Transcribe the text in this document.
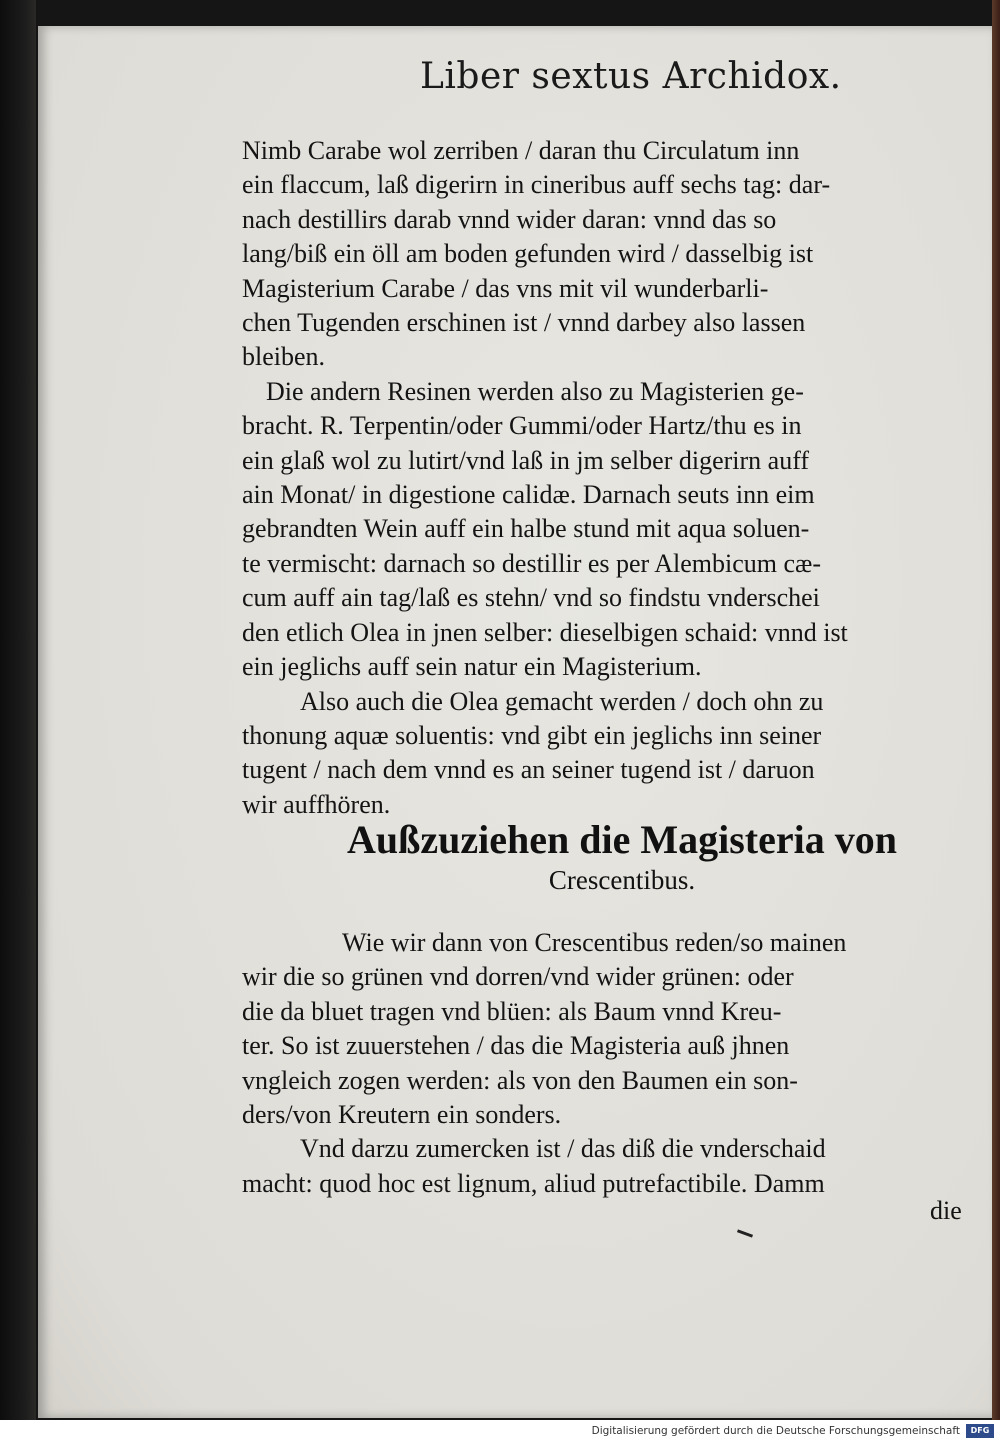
Liber sextus Archidox.

Nimb Carabe wol zerriben / daran thu Circulatum inn
ein flaccum, laß digerirn in cineribus auff sechs tag: dar-
nach destillirs darab vnnd wider daran: vnnd das so
lang/biß ein öll am boden gefunden wird / dasselbig ist
Magisterium Carabe / das vns mit vil wunderbarli-
chen Tugenden erschinen ist / vnnd darbey also lassen
bleiben.

Die andern Resinen werden also zu Magisterien ge-
bracht. R. Terpentin/oder Gummi/oder Hartz/thu es in
ein glaß wol zu lutirt/vnd laß in jm selber digerirn auff
ain Monat/ in digestione calidæ. Darnach seuts inn eim
gebrandten Wein auff ein halbe stund mit aqua soluen-
te vermischt: darnach so destillir es per Alembicum cæ-
cum auff ain tag/laß es stehn/ vnd so findstu vnderschei
den etlich Olea in jnen selber: dieselbigen schaid: vnnd ist
ein jeglichs auff sein natur ein Magisterium.

Also auch die Olea gemacht werden / doch ohn zu
thonung aquæ soluentis: vnd gibt ein jeglichs inn seiner
tugent / nach dem vnnd es an seiner tugend ist / daruon
wir auffhören.

Außzuziehen die Magisteria von
Crescentibus.

Wie wir dann von Crescentibus reden/so mainen
wir die so grünen vnd dorren/vnd wider grünen: oder
die da bluet tragen vnd blüen: als Baum vnnd Kreu-
ter. So ist zuuerstehen / das die Magisteria auß jhnen
vngleich zogen werden: als von den Baumen ein son-
ders/von Kreutern ein sonders.

Vnd darzu zumercken ist / das diß die vnderschaid
macht: quod hoc est lignum, aliud putrefactibile. Damm

die
Digitalisierung gefördert durch die Deutsche Forschungsgemeinschaft	DFG
